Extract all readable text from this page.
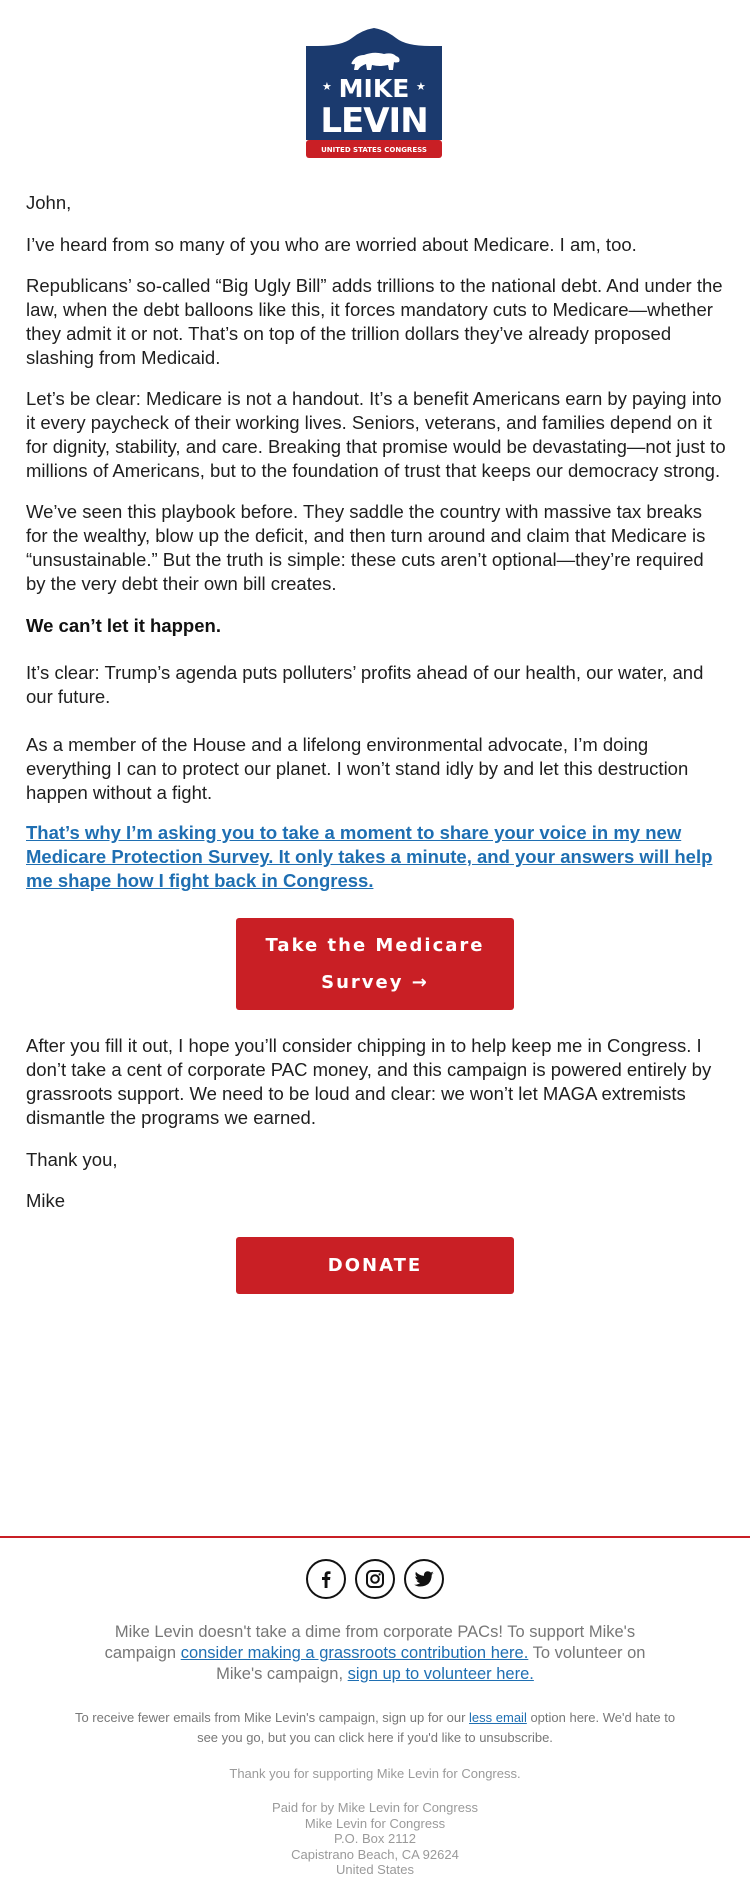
★	★
MIKE
LEVIN
UNITED STATES CONGRESS
John,
I’ve heard from so many of you who are worried about Medicare. I am, too.
Republicans’ so-called “Big Ugly Bill” adds trillions to the national debt. And under the law, when the debt balloons like this, it forces mandatory cuts to Medicare—whether they admit it or not. That’s on top of the trillion dollars they’ve already proposed slashing from Medicaid.
Let’s be clear: Medicare is not a handout. It’s a benefit Americans earn by paying into it every paycheck of their working lives. Seniors, veterans, and families depend on it for dignity, stability, and care. Breaking that promise would be devastating—not just to millions of Americans, but to the foundation of trust that keeps our democracy strong.
We’ve seen this playbook before. They saddle the country with massive tax breaks for the wealthy, blow up the deficit, and then turn around and claim that Medicare is “unsustainable.” But the truth is simple: these cuts aren’t optional—they’re required by the very debt their own bill creates.
We can’t let it happen.
It’s clear: Trump’s agenda puts polluters’ profits ahead of our health, our water, and our future.
As a member of the House and a lifelong environmental advocate, I’m doing everything I can to protect our planet. I won’t stand idly by and let this destruction happen without a fight.
That’s why I’m asking you to take a moment to share your voice in my new Medicare Protection Survey. It only takes a minute, and your answers will help me shape how I fight back in Congress.
Take the Medicare Survey →
After you fill it out, I hope you’ll consider chipping in to help keep me in Congress. I don’t take a cent of corporate PAC money, and this campaign is powered entirely by grassroots support. We need to be loud and clear: we won’t let MAGA extremists dismantle the programs we earned.
Thank you,
Mike
DONATE
Mike Levin doesn't take a dime from corporate PACs! To support Mike's campaign consider making a grassroots contribution here. To volunteer on Mike's campaign, sign up to volunteer here.
To receive fewer emails from Mike Levin's campaign, sign up for our less email option here. We'd hate to see you go, but you can click here if you'd like to unsubscribe.
Thank you for supporting Mike Levin for Congress.
Paid for by Mike Levin for Congress
Mike Levin for Congress
P.O. Box 2112
Capistrano Beach, CA 92624
United States
